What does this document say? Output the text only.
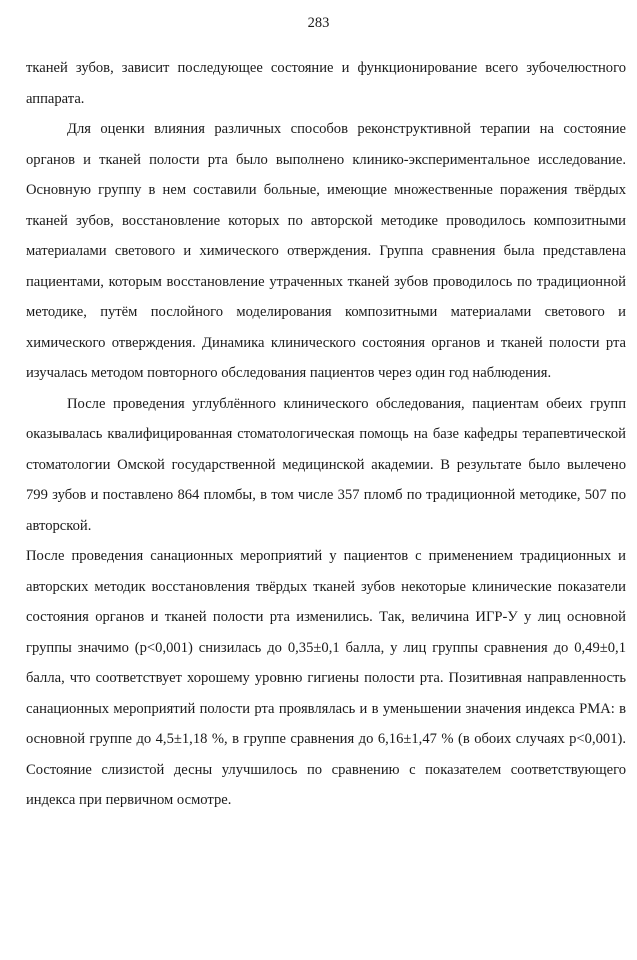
283

тканей зубов, зависит последующее состояние и функционирование всего зубочелюстного аппарата.

Для оценки влияния различных способов реконструктивной терапии на состояние органов и тканей полости рта было выполнено клинико-экспериментальное исследование. Основную группу в нем составили больные, имеющие множественные поражения твёрдых тканей зубов, восстановление которых по авторской методике проводилось композитными материалами светового и химического отверждения. Группа сравнения была представлена пациентами, которым восстановление утраченных тканей зубов проводилось по традиционной методике, путём послойного моделирования композитными материалами светового и химического отверждения. Динамика клинического состояния органов и тканей полости рта изучалась методом повторного обследования пациентов через один год наблюдения.

После проведения углублённого клинического обследования, пациентам обеих групп оказывалась квалифицированная стоматологическая помощь на базе кафедры терапевтической стоматологии Омской государственной медицинской академии. В результате было вылечено 799 зубов и поставлено 864 пломбы, в том числе 357 пломб по традиционной методике, 507 по авторской.

После проведения санационных мероприятий у пациентов с применением традиционных и авторских методик восстановления твёрдых тканей зубов некоторые клинические показатели состояния органов и тканей полости рта изменились. Так, величина ИГР-У у лиц основной группы значимо (p<0,001) снизилась до 0,35±0,1 балла, у лиц группы сравнения до 0,49±0,1 балла, что соответствует хорошему уровню гигиены полости рта. Позитивная направленность санационных мероприятий полости рта проявлялась и в уменьшении значения индекса PMA: в основной группе до 4,5±1,18 %, в группе сравнения до 6,16±1,47 % (в обоих случаях p<0,001). Состояние слизистой десны улучшилось по сравнению с показателем соответствующего индекса при первичном осмотре.
